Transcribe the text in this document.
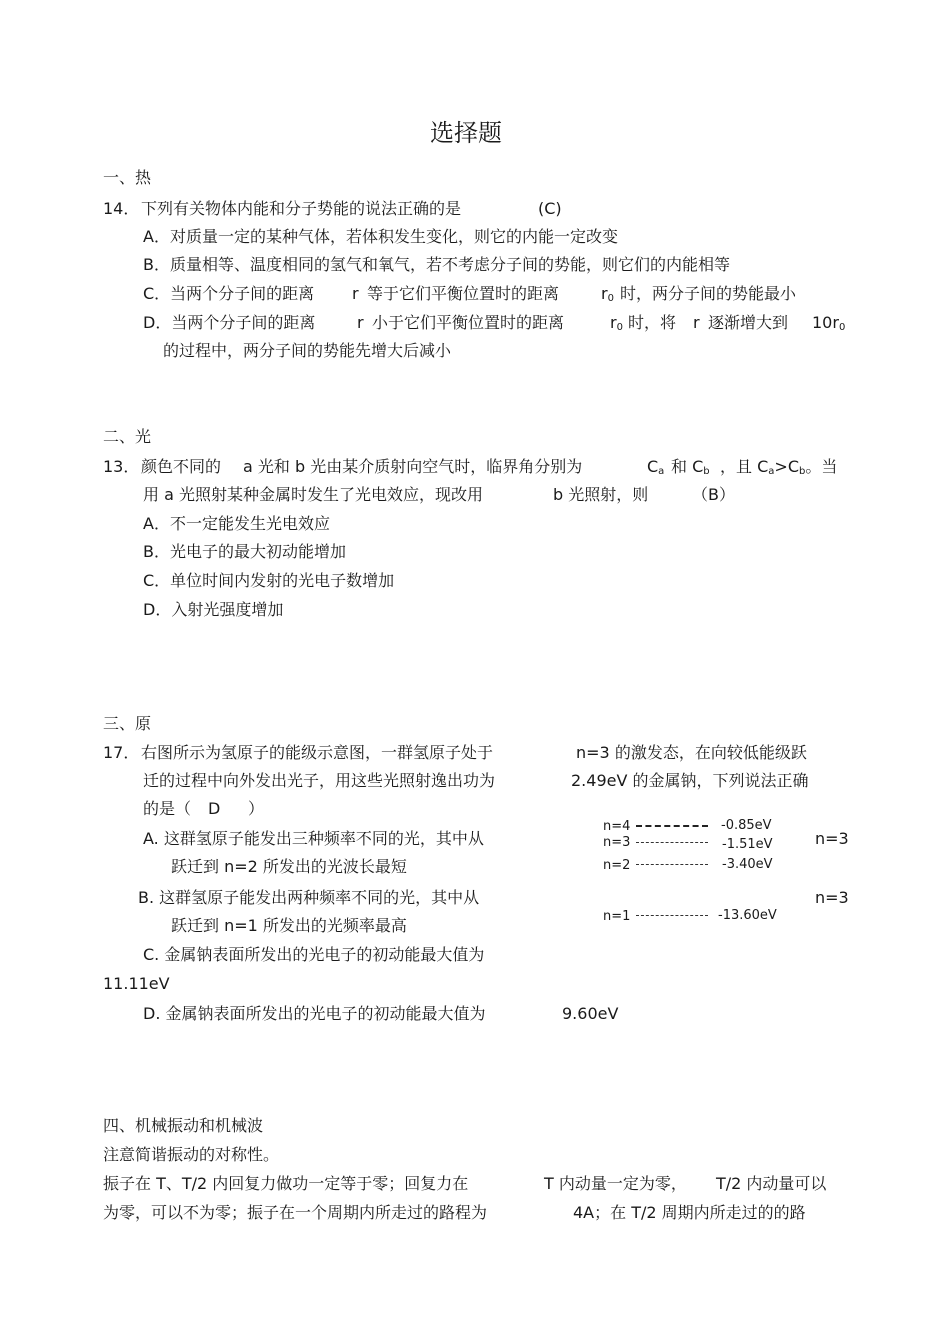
选择题
一、热
14． 下列有关物体内能和分子势能的说法正确的是	(C)
A．对质量一定的某种气体，若体积发生变化，则它的内能一定改变
B．质量相等、温度相同的氢气和氧气，若不考虑分子间的势能，则它们的内能相等
C．当两个分子间的距离 r 等于它们平衡位置时的距离	$r_0$ 时，两分子间的势能最小
D．当两个分子间的距离	r 小于它们平衡位置时的距离	$r_0$ 时，将 r 逐渐增大到 $10r_0$
的过程中，两分子间的势能先增大后减小
二、光
13． 颜色不同的 a 光和 b 光由某介质射向空气时，临界角分别为	$C_a$ 和 $C_b$ ，且 $C_a>C_b$。当
用 a 光照射某种金属时发生了光电效应，现改用	b 光照射，则	（B）
A．不一定能发生光电效应
B．光电子的最大初动能增加
C．单位时间内发射的光电子数增加
D．入射光强度增加
三、原
17． 右图所示为氢原子的能级示意图，一群氢原子处于	n=3 的激发态，在向较低能级跃
迁的过程中向外发出光子，用这些光照射逸出功为	2.49eV 的金属钠，下列说法正确
的是（ D ）
A. 这群氢原子能发出三种频率不同的光，其中从	n=3
跃迁到 n=2 所发出的光波长最短
B. 这群氢原子能发出两种频率不同的光，其中从	n=3
跃迁到 n=1 所发出的光频率最高
C. 金属钠表面所发出的光电子的初动能最大值为
11.11eV
D. 金属钠表面所发出的光电子的初动能最大值为	9.60eV
n=4	-0.85eV
n=3	-1.51eV
n=2	-3.40eV
n=1	-13.60eV
四、机械振动和机械波
注意简谐振动的对称性。
振子在 T、T/2 内回复力做功一定等于零；回复力在	T 内动量一定为零， T/2 内动量可以
为零，可以不为零；振子在一个周期内所走过的路程为	4A；在 T/2 周期内所走过的的路
